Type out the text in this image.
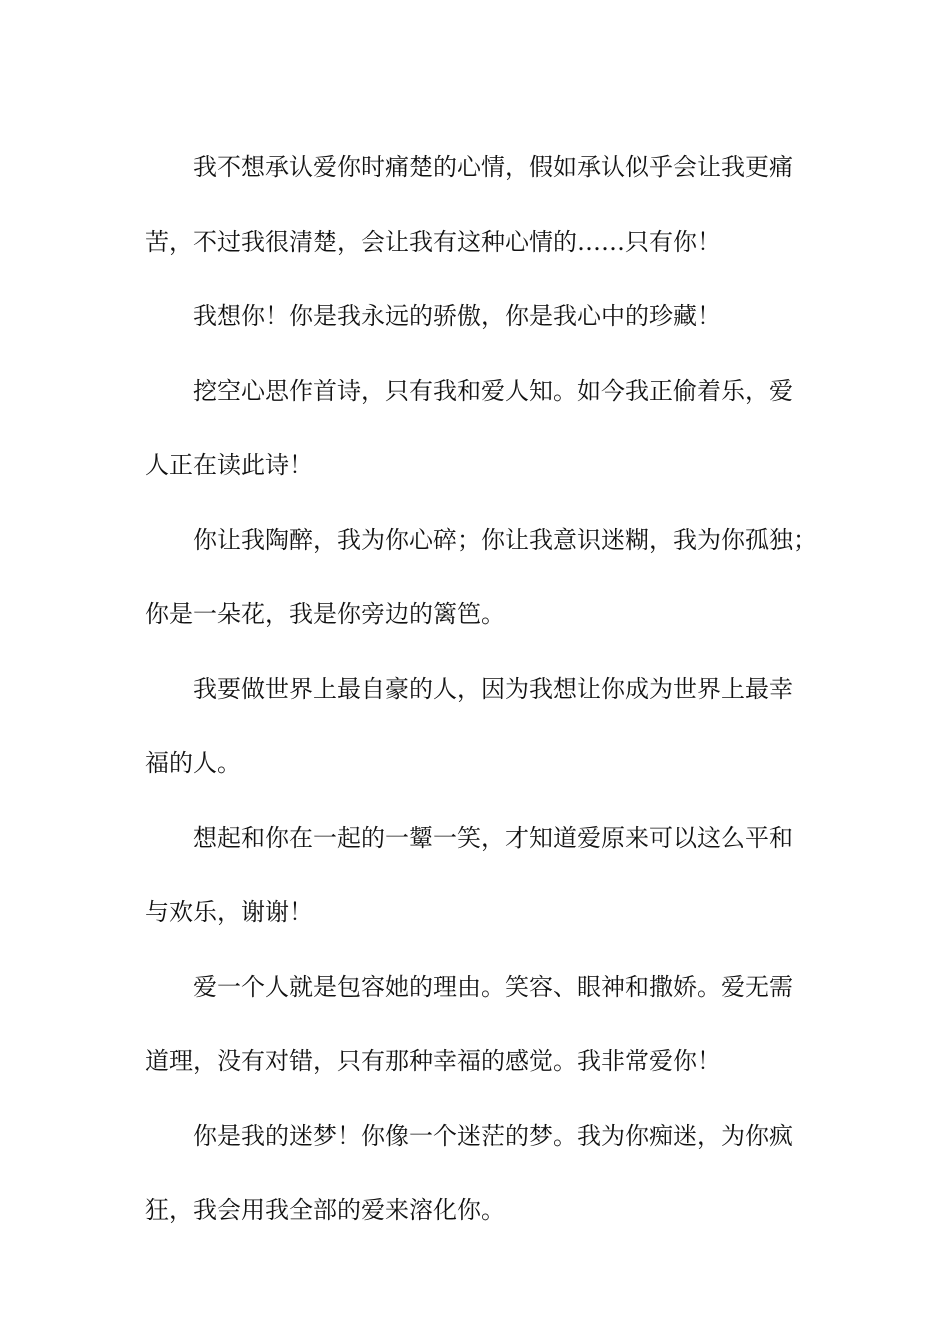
我不想承认爱你时痛楚的心情，假如承认似乎会让我更痛
苦，不过我很清楚，会让我有这种心情的……只有你！

我想你！你是我永远的骄傲，你是我心中的珍藏！

挖空心思作首诗，只有我和爱人知。如今我正偷着乐，爱
人正在读此诗！

你让我陶醉，我为你心碎；你让我意识迷糊，我为你孤独；
你是一朵花，我是你旁边的篱笆。

我要做世界上最自豪的人，因为我想让你成为世界上最幸
福的人。

想起和你在一起的一颦一笑，才知道爱原来可以这么平和
与欢乐，谢谢！

爱一个人就是包容她的理由。笑容、眼神和撒娇。爱无需
道理，没有对错，只有那种幸福的感觉。我非常爱你！

你是我的迷梦！你像一个迷茫的梦。我为你痴迷，为你疯
狂，我会用我全部的爱来溶化你。
